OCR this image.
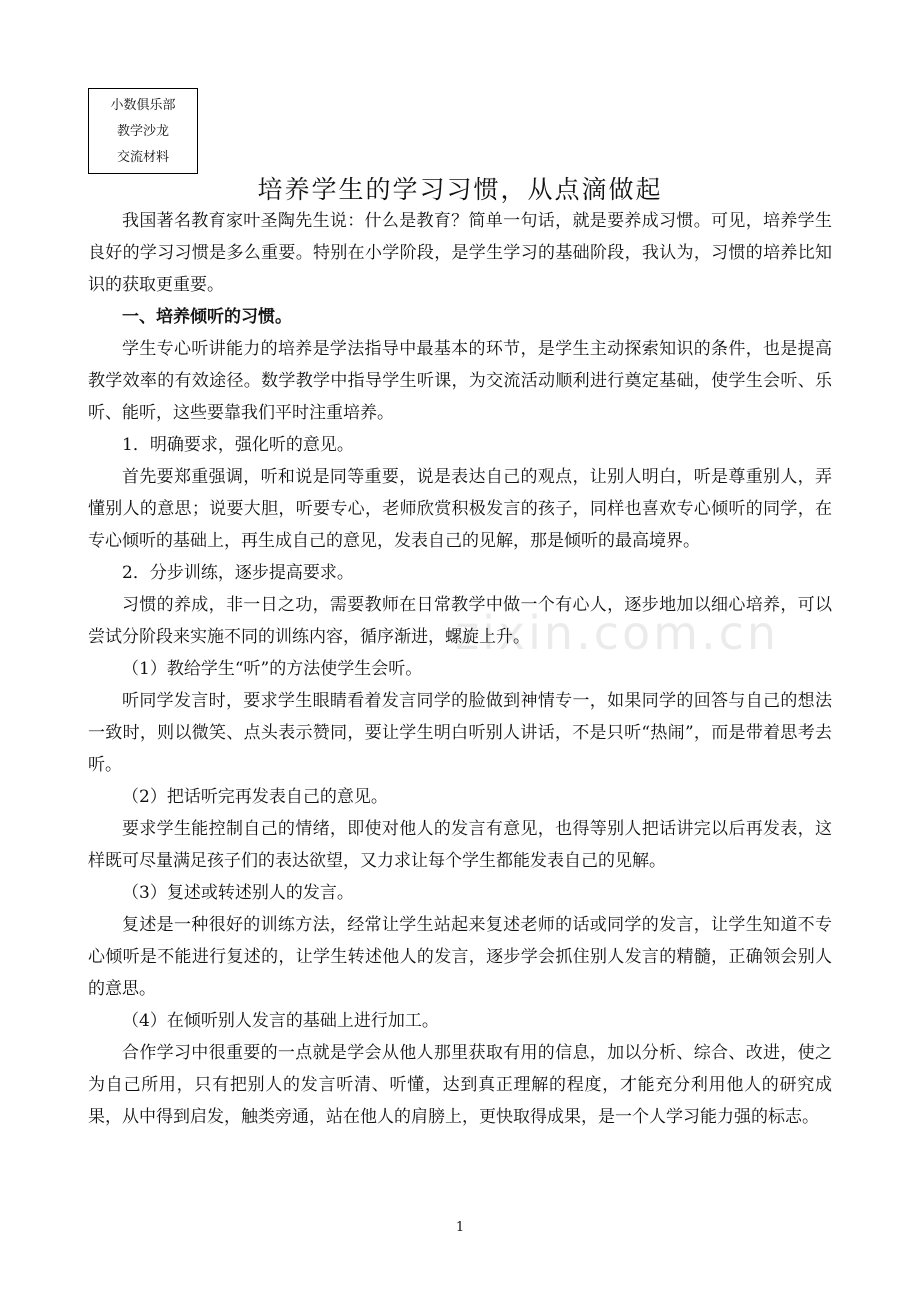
小数俱乐部
教学沙龙
交流材料
培养学生的学习习惯，从点滴做起
zixin.com.cn

我国著名教育家叶圣陶先生说：什么是教育？简单一句话，就是要养成习惯。可见，培养学生良好的学习习惯是多么重要。特别在小学阶段，是学生学习的基础阶段，我认为，习惯的培养比知识的获取更重要。

一、培养倾听的习惯。

学生专心听讲能力的培养是学法指导中最基本的环节，是学生主动探索知识的条件，也是提高教学效率的有效途径。数学教学中指导学生听课，为交流活动顺利进行奠定基础，使学生会听、乐听、能听，这些要靠我们平时注重培养。

1．明确要求，强化听的意见。

首先要郑重强调，听和说是同等重要，说是表达自己的观点，让别人明白，听是尊重别人，弄懂别人的意思；说要大胆，听要专心，老师欣赏积极发言的孩子，同样也喜欢专心倾听的同学，在专心倾听的基础上，再生成自己的意见，发表自己的见解，那是倾听的最高境界。

2．分步训练，逐步提高要求。

习惯的养成，非一日之功，需要教师在日常教学中做一个有心人，逐步地加以细心培养，可以尝试分阶段来实施不同的训练内容，循序渐进，螺旋上升。

（1）教给学生“听”的方法使学生会听。

听同学发言时，要求学生眼睛看着发言同学的脸做到神情专一，如果同学的回答与自己的想法一致时，则以微笑、点头表示赞同，要让学生明白听别人讲话，不是只听“热闹”，而是带着思考去听。

（2）把话听完再发表自己的意见。

要求学生能控制自己的情绪，即使对他人的发言有意见，也得等别人把话讲完以后再发表，这样既可尽量满足孩子们的表达欲望，又力求让每个学生都能发表自己的见解。

（3）复述或转述别人的发言。

复述是一种很好的训练方法，经常让学生站起来复述老师的话或同学的发言，让学生知道不专心倾听是不能进行复述的，让学生转述他人的发言，逐步学会抓住别人发言的精髓，正确领会别人的意思。

（4）在倾听别人发言的基础上进行加工。

合作学习中很重要的一点就是学会从他人那里获取有用的信息，加以分析、综合、改进，使之为自己所用，只有把别人的发言听清、听懂，达到真正理解的程度，才能充分利用他人的研究成果，从中得到启发，触类旁通，站在他人的肩膀上，更快取得成果，是一个人学习能力强的标志。

1
